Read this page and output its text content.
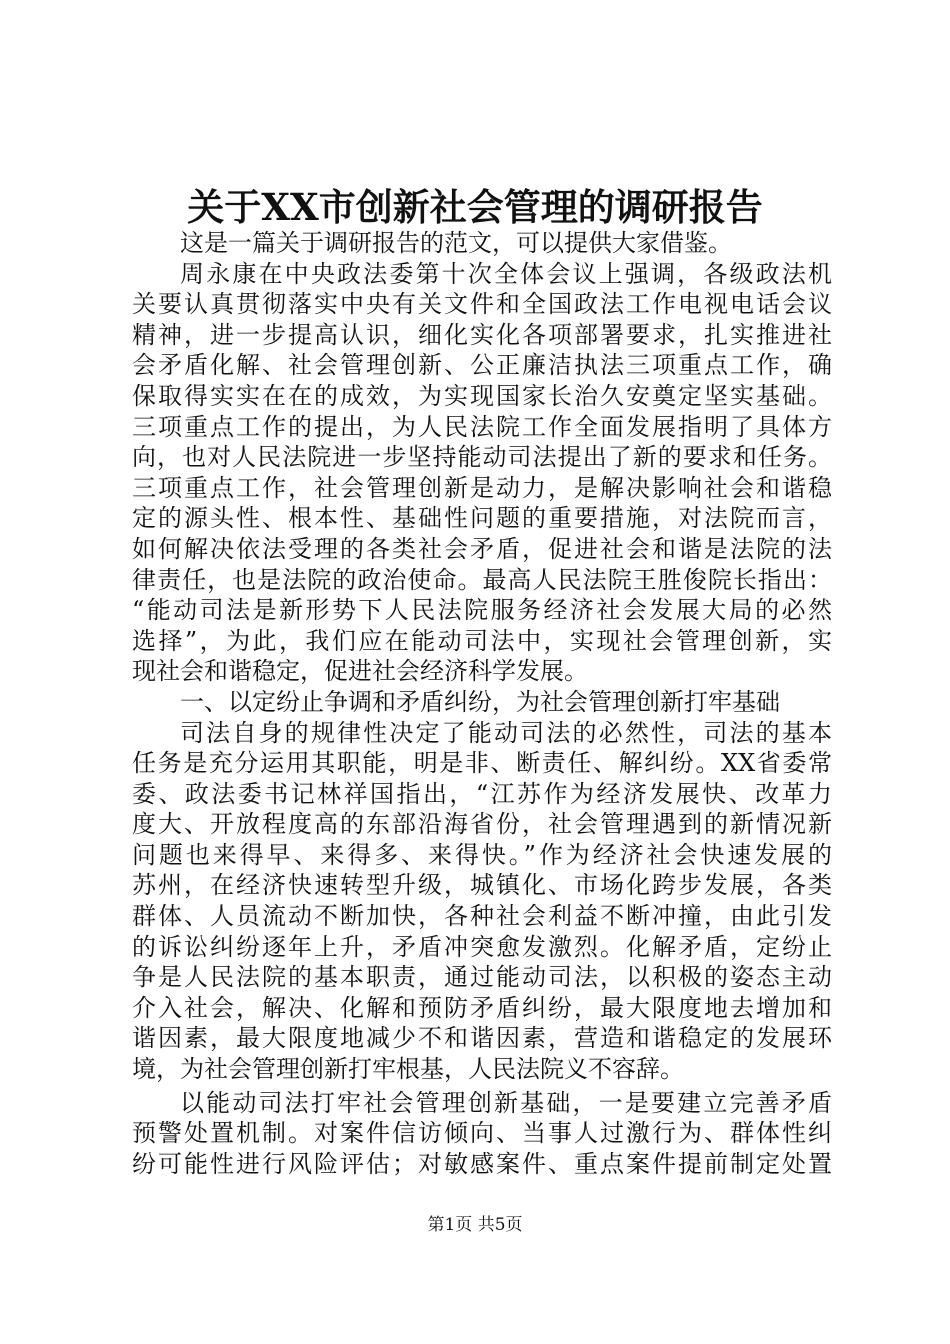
关于XX市创新社会管理的调研报告
这是一篇关于调研报告的范文，可以提供大家借鉴。
周永康在中央政法委第十次全体会议上强调，各级政法机
关要认真贯彻落实中央有关文件和全国政法工作电视电话会议
精神，进一步提高认识，细化实化各项部署要求，扎实推进社
会矛盾化解、社会管理创新、公正廉洁执法三项重点工作，确
保取得实实在在的成效，为实现国家长治久安奠定坚实基础。
三项重点工作的提出，为人民法院工作全面发展指明了具体方
向，也对人民法院进一步坚持能动司法提出了新的要求和任务。
三项重点工作，社会管理创新是动力，是解决影响社会和谐稳
定的源头性、根本性、基础性问题的重要措施，对法院而言，
如何解决依法受理的各类社会矛盾，促进社会和谐是法院的法
律责任，也是法院的政治使命。最高人民法院王胜俊院长指出：
“能动司法是新形势下人民法院服务经济社会发展大局的必然
选择”，为此，我们应在能动司法中，实现社会管理创新，实
现社会和谐稳定，促进社会经济科学发展。
一、以定纷止争调和矛盾纠纷，为社会管理创新打牢基础
司法自身的规律性决定了能动司法的必然性，司法的基本
任务是充分运用其职能，明是非、断责任、解纠纷。XX省委常
委、政法委书记林祥国指出，“江苏作为经济发展快、改革力
度大、开放程度高的东部沿海省份，社会管理遇到的新情况新
问题也来得早、来得多、来得快。”作为经济社会快速发展的
苏州，在经济快速转型升级，城镇化、市场化跨步发展，各类
群体、人员流动不断加快，各种社会利益不断冲撞，由此引发
的诉讼纠纷逐年上升，矛盾冲突愈发激烈。化解矛盾，定纷止
争是人民法院的基本职责，通过能动司法，以积极的姿态主动
介入社会，解决、化解和预防矛盾纠纷，最大限度地去增加和
谐因素，最大限度地减少不和谐因素，营造和谐稳定的发展环
境，为社会管理创新打牢根基，人民法院义不容辞。
以能动司法打牢社会管理创新基础，一是要建立完善矛盾
预警处置机制。对案件信访倾向、当事人过激行为、群体性纠
纷可能性进行风险评估；对敏感案件、重点案件提前制定处置
第1页 共5页
